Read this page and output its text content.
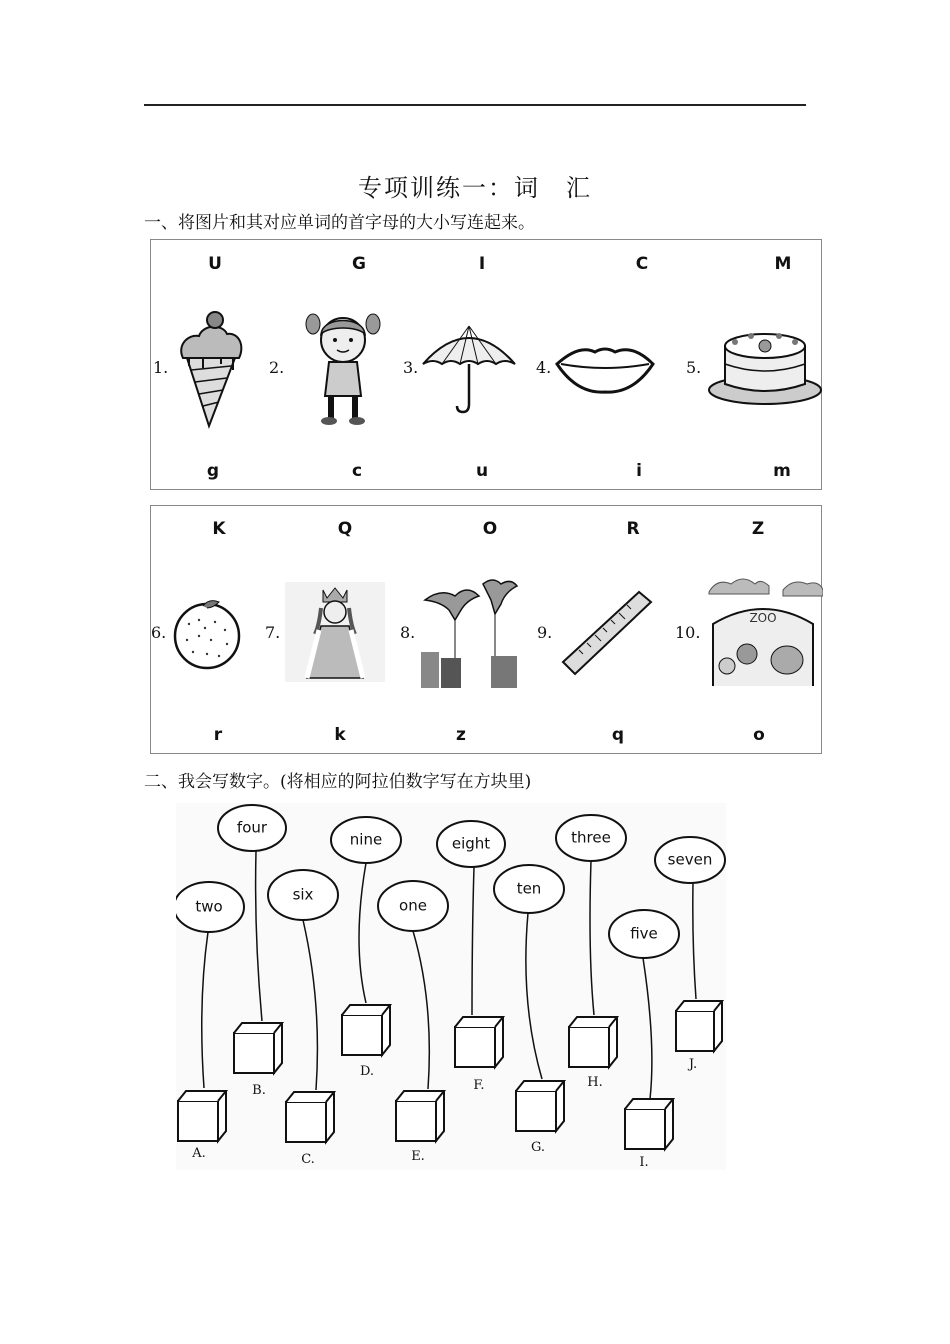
专项训练一：词　汇
一、将图片和其对应单词的首字母的大小写连起来。
U	G	I	C	M
1.	2.	3.	4.	5.
g	c	u	i	m
K	Q	O	R	Z
6.	7.	8.	9.	10.
ZOO
r	k	z	q	o
二、我会写数字。(将相应的阿拉伯数字写在方块里)
four
nine	eight	three
seven
two
six
one
ten
five
A.
B.
C.
D.
E.
F.
G.
H.
I.
J.
